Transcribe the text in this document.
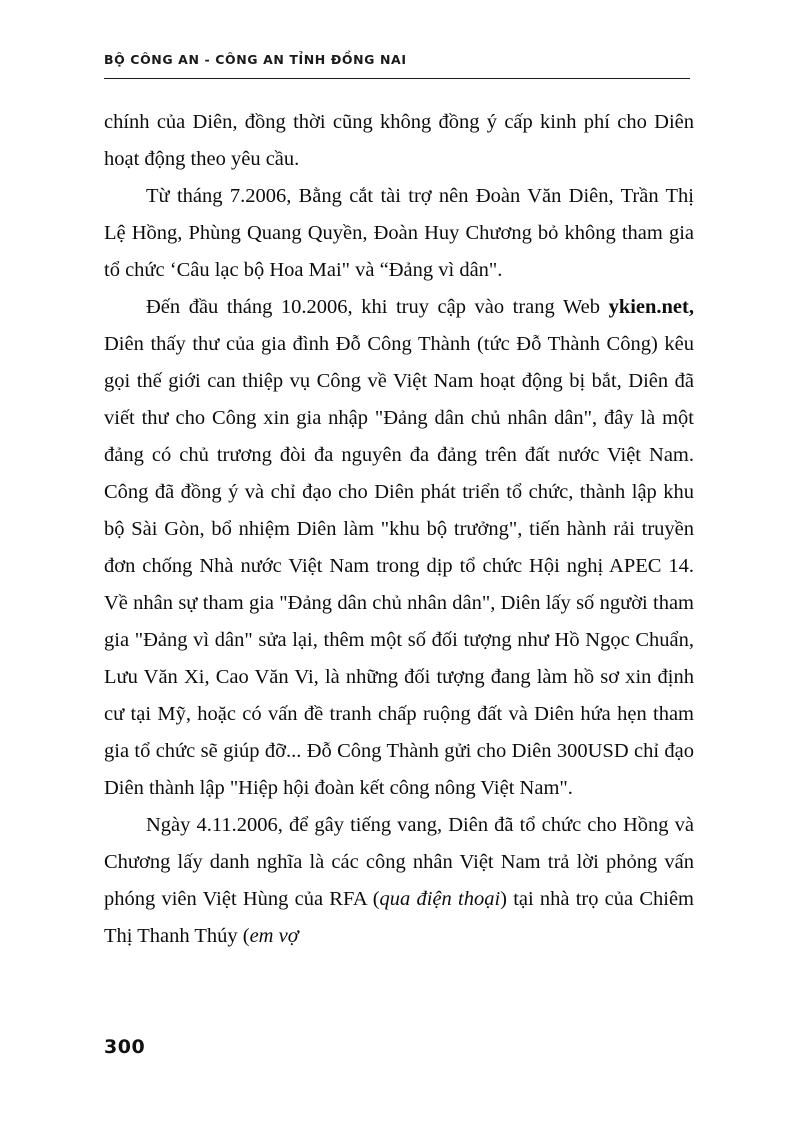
BỘ CÔNG AN - CÔNG AN TỈNH ĐỒNG NAI

chính của Diên, đồng thời cũng không đồng ý cấp kinh phí cho Diên hoạt động theo yêu cầu.

Từ tháng 7.2006, Bằng cắt tài trợ nên Đoàn Văn Diên, Trần Thị Lệ Hồng, Phùng Quang Quyền, Đoàn Huy Chương bỏ không tham gia tổ chức ‘Câu lạc bộ Hoa Mai" và “Đảng vì dân".

Đến đầu tháng 10.2006, khi truy cập vào trang Web ykien.net, Diên thấy thư của gia đình Đỗ Công Thành (tức Đỗ Thành Công) kêu gọi thế giới can thiệp vụ Công về Việt Nam hoạt động bị bắt, Diên đã viết thư cho Công xin gia nhập "Đảng dân chủ nhân dân", đây là một đảng có chủ trương đòi đa nguyên đa đảng trên đất nước Việt Nam. Công đã đồng ý và chỉ đạo cho Diên phát triển tổ chức, thành lập khu bộ Sài Gòn, bổ nhiệm Diên làm "khu bộ trưởng", tiến hành rải truyền đơn chống Nhà nước Việt Nam trong dịp tổ chức Hội nghị APEC 14. Về nhân sự tham gia "Đảng dân chủ nhân dân", Diên lấy số người tham gia "Đảng vì dân" sửa lại, thêm một số đối tượng như Hồ Ngọc Chuẩn, Lưu Văn Xi, Cao Văn Vi, là những đối tượng đang làm hồ sơ xin định cư tại Mỹ, hoặc có vấn đề tranh chấp ruộng đất và Diên hứa hẹn tham gia tổ chức sẽ giúp đỡ... Đỗ Công Thành gửi cho Diên 300USD chỉ đạo Diên thành lập "Hiệp hội đoàn kết công nông Việt Nam".

Ngày 4.11.2006, để gây tiếng vang, Diên đã tổ chức cho Hồng và Chương lấy danh nghĩa là các công nhân Việt Nam trả lời phỏng vấn phóng viên Việt Hùng của RFA (qua điện thoại) tại nhà trọ của Chiêm Thị Thanh Thúy (em vợ

300
